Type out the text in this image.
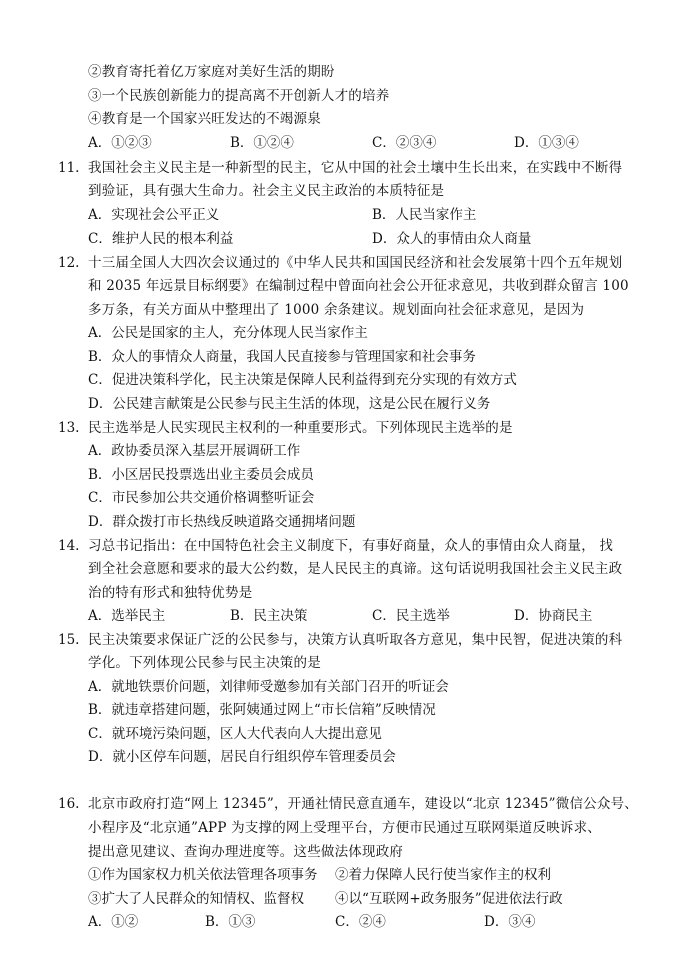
②教育寄托着亿万家庭对美好生活的期盼
③一个民族创新能力的提高离不开创新人才的培养
④教育是一个国家兴旺发达的不竭源泉
A．①②③	B．①②④	C．②③④	D．①③④
11. 我国社会主义民主是一种新型的民主，它从中国的社会土壤中生长出来，在实践中不断得
到验证，具有强大生命力。社会主义民主政治的本质特征是
A．实现社会公平正义	B．人民当家作主
C．维护人民的根本利益	D．众人的事情由众人商量
12. 十三届全国人大四次会议通过的《中华人民共和国国民经济和社会发展第十四个五年规划
和 2035 年远景目标纲要》在编制过程中曾面向社会公开征求意见，共收到群众留言 100
多万条，有关方面从中整理出了 1000 余条建议。规划面向社会征求意见，是因为
A．公民是国家的主人，充分体现人民当家作主
B．众人的事情众人商量，我国人民直接参与管理国家和社会事务
C．促进决策科学化，民主决策是保障人民利益得到充分实现的有效方式
D．公民建言献策是公民参与民主生活的体现，这是公民在履行义务
13. 民主选举是人民实现民主权利的一种重要形式。下列体现民主选举的是
A．政协委员深入基层开展调研工作
B．小区居民投票选出业主委员会成员
C．市民参加公共交通价格调整听证会
D．群众拨打市长热线反映道路交通拥堵问题
14. 习总书记指出：在中国特色社会主义制度下，有事好商量，众人的事情由众人商量， 找
到全社会意愿和要求的最大公约数，是人民民主的真谛。这句话说明我国社会主义民主政
治的特有形式和独特优势是
A．选举民主	B．民主决策	C．民主选举	D．协商民主
15. 民主决策要求保证广泛的公民参与，决策方认真听取各方意见，集中民智，促进决策的科
学化。下列体现公民参与民主决策的是
A．就地铁票价问题，刘律师受邀参加有关部门召开的听证会
B．就违章搭建问题，张阿姨通过网上“市长信箱”反映情况
C．就环境污染问题，区人大代表向人大提出意见
D．就小区停车问题，居民自行组织停车管理委员会
16. 北京市政府打造“网上 12345”，开通社情民意直通车，建设以“北京 12345”微信公众号、
小程序及“北京通”APP 为支撑的网上受理平台，方便市民通过互联网渠道反映诉求、
提出意见建议、查询办理进度等。这些做法体现政府
①作为国家权力机关依法管理各项事务 ②着力保障人民行使当家作主的权利
③扩大了人民群众的知情权、监督权 ④以“互联网+政务服务”促进依法行政
A．①②	B．①③	C．②④	D．③④
